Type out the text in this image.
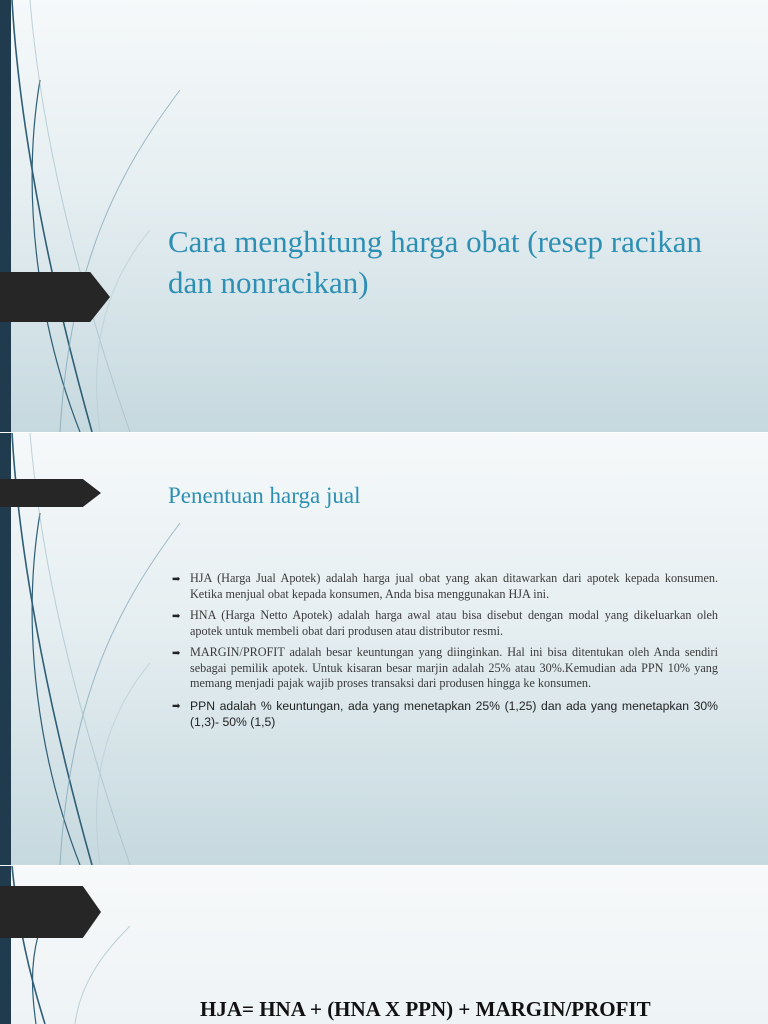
Cara menghitung harga obat (resep racikan dan nonracikan)
Penentuan harga jual
➡︎ HJA (Harga Jual Apotek) adalah harga jual obat yang akan ditawarkan dari apotek kepada konsumen. Ketika menjual obat kepada konsumen, Anda bisa menggunakan HJA ini.
➡︎ HNA (Harga Netto Apotek) adalah harga awal atau bisa disebut dengan modal yang dikeluarkan oleh apotek untuk membeli obat dari produsen atau distributor resmi.
➡︎ MARGIN/PROFIT adalah besar keuntungan yang diinginkan. Hal ini bisa ditentukan oleh Anda sendiri sebagai pemilik apotek. Untuk kisaran besar marjin adalah 25% atau 30%.Kemudian ada PPN 10% yang memang menjadi pajak wajib proses transaksi dari produsen hingga ke konsumen.
➡︎ PPN adalah % keuntungan, ada yang menetapkan 25% (1,25) dan ada yang menetapkan 30% (1,3)- 50% (1,5)

HJA= HNA + (HNA X PPN) + MARGIN/PROFIT
